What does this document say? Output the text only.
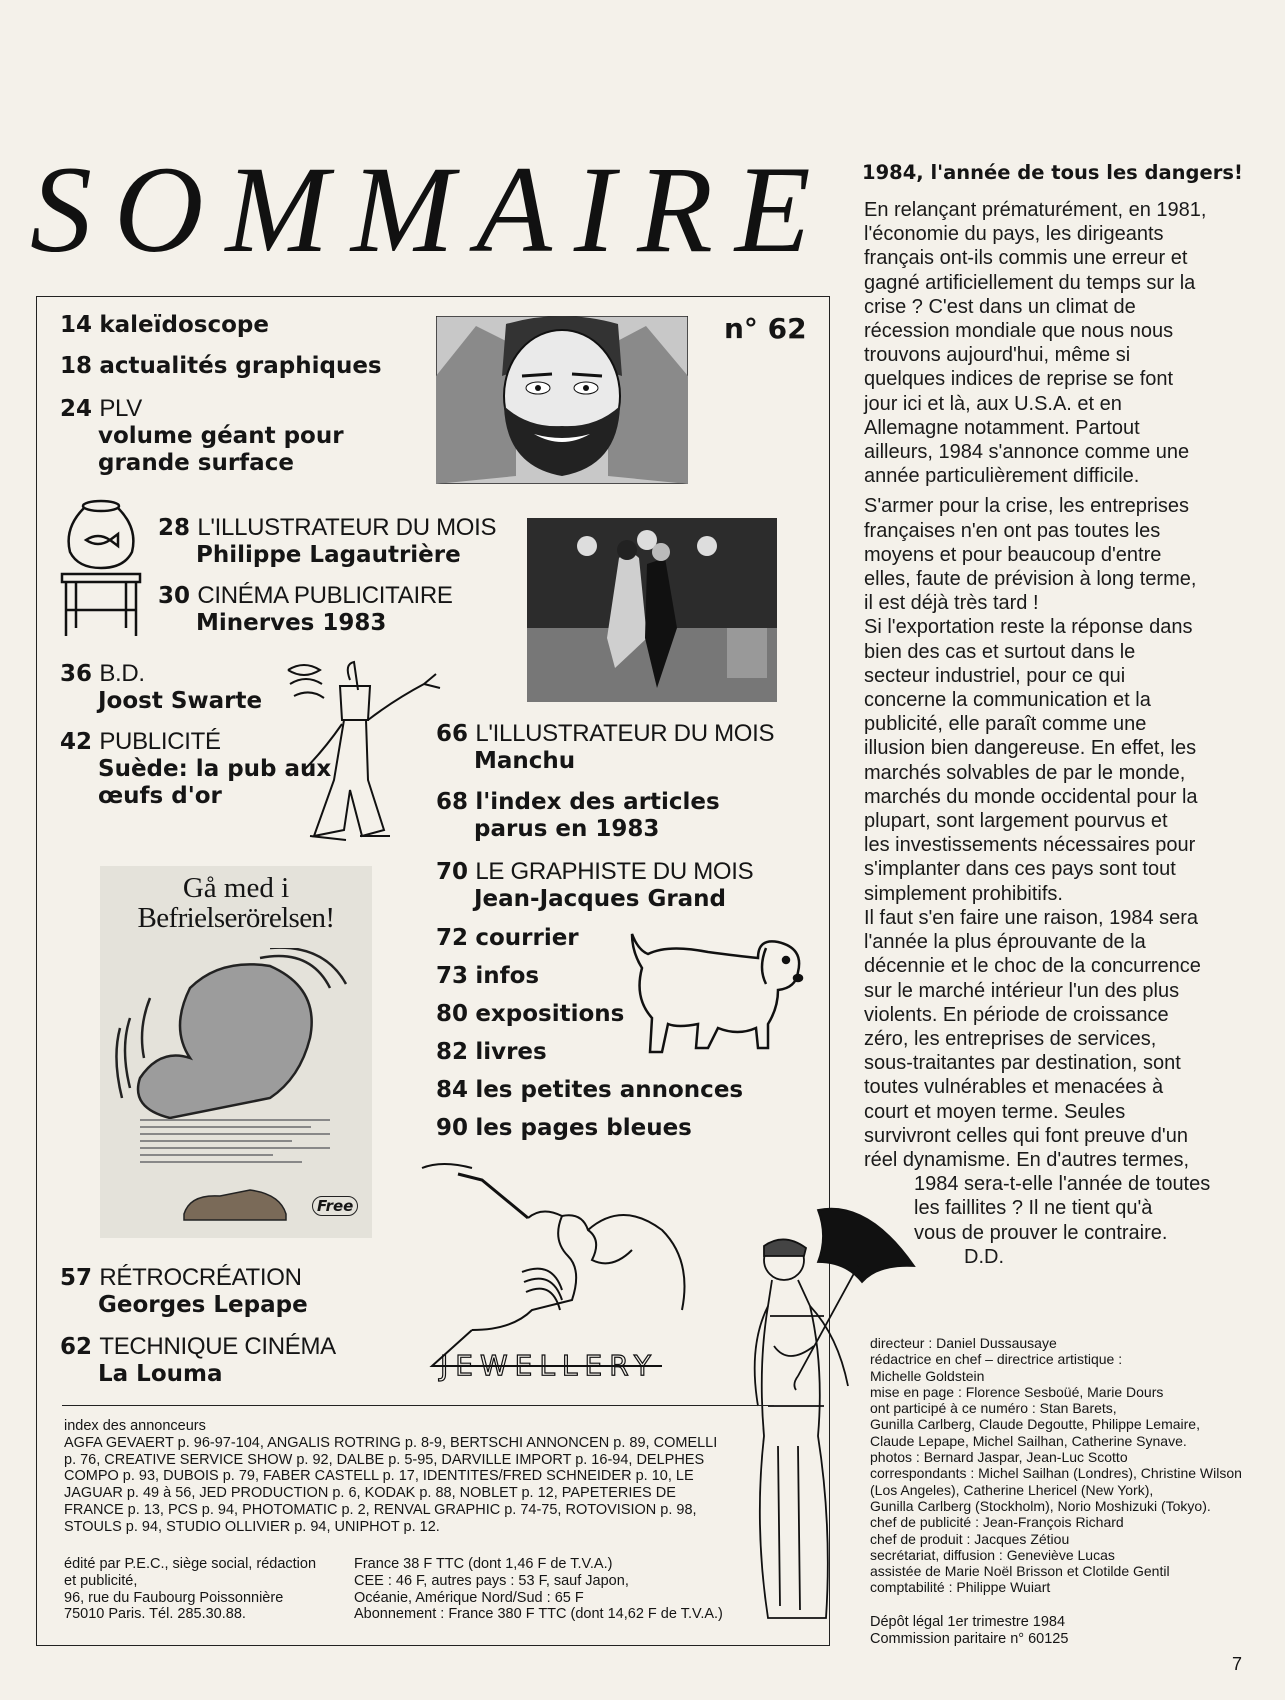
SOMMAIRE
n° 62
Gå med i
Befrielserörelsen!
Free
JEWELLERY
14 kaleïdoscope
18 actualités graphiques
24 PLV
volume géant pour
grande surface
28 L'ILLUSTRATEUR DU MOIS
Philippe Lagautrière
30 CINÉMA PUBLICITAIRE
Minerves 1983
36 B.D.
Joost Swarte
42 PUBLICITÉ
Suède: la pub aux
œufs d'or
66 L'ILLUSTRATEUR DU MOIS
Manchu
68 l'index des articles
parus en 1983
70 LE GRAPHISTE DU MOIS
Jean-Jacques Grand
72 courrier
73 infos
80 expositions
82 livres
84 les petites annonces
90 les pages bleues
57 RÉTROCRÉATION
Georges Lepape
62 TECHNIQUE CINÉMA
La Louma
index des annonceurs
AGFA GEVAERT p. 96-97-104, ANGALIS ROTRING p. 8-9, BERTSCHI ANNONCEN p. 89, COMELLI
p. 76, CREATIVE SERVICE SHOW p. 92, DALBE p. 5-95, DARVILLE IMPORT p. 16-94, DELPHES
COMPO p. 93, DUBOIS p. 79, FABER CASTELL p. 17, IDENTITES/FRED SCHNEIDER p. 10, LE
JAGUAR p. 49 à 56, JED PRODUCTION p. 6, KODAK p. 88, NOBLET p. 12, PAPETERIES DE
FRANCE p. 13, PCS p. 94, PHOTOMATIC p. 2, RENVAL GRAPHIC p. 74-75, ROTOVISION p. 98,
STOULS p. 94, STUDIO OLLIVIER p. 94, UNIPHOT p. 12.
édité par P.E.C., siège social, rédaction
et publicité,
96, rue du Faubourg Poissonnière
75010 Paris. Tél. 285.30.88.
France 38 F TTC (dont 1,46 F de T.V.A.)
CEE : 46 F, autres pays : 53 F, sauf Japon,
Océanie, Amérique Nord/Sud : 65 F
Abonnement : France 380 F TTC (dont 14,62 F de T.V.A.)
1984, l'année de tous les dangers!

En relançant prématurément, en 1981,
l'économie du pays, les dirigeants
français ont-ils commis une erreur et
gagné artificiellement du temps sur la
crise ? C'est dans un climat de
récession mondiale que nous nous
trouvons aujourd'hui, même si
quelques indices de reprise se font
jour ici et là, aux U.S.A. et en
Allemagne notamment. Partout
ailleurs, 1984 s'annonce comme une
année particulièrement difficile.

S'armer pour la crise, les entreprises
françaises n'en ont pas toutes les
moyens et pour beaucoup d'entre
elles, faute de prévision à long terme,
il est déjà très tard !
Si l'exportation reste la réponse dans
bien des cas et surtout dans le
secteur industriel, pour ce qui
concerne la communication et la
publicité, elle paraît comme une
illusion bien dangereuse. En effet, les
marchés solvables de par le monde,
marchés du monde occidental pour la
plupart, sont largement pourvus et
les investissements nécessaires pour
s'implanter dans ces pays sont tout
simplement prohibitifs.
Il faut s'en faire une raison, 1984 sera
l'année la plus éprouvante de la
décennie et le choc de la concurrence
sur le marché intérieur l'un des plus
violents. En période de croissance
zéro, les entreprises de services,
sous-traitantes par destination, sont
toutes vulnérables et menacées à
court et moyen terme. Seules
survivront celles qui font preuve d'un
réel dynamisme. En d'autres termes,

1984 sera-t-elle l'année de toutes
les faillites ? Il ne tient qu'à
vous de prouver le contraire.

D.D.

directeur : Daniel Dussausaye
rédactrice en chef – directrice artistique :
Michelle Goldstein
mise en page : Florence Sesboüé, Marie Dours
ont participé à ce numéro : Stan Barets,
Gunilla Carlberg, Claude Degoutte, Philippe Lemaire,
Claude Lepape, Michel Sailhan, Catherine Synave.
photos : Bernard Jaspar, Jean-Luc Scotto
correspondants : Michel Sailhan (Londres), Christine Wilson
(Los Angeles), Catherine Lhericel (New York),
Gunilla Carlberg (Stockholm), Norio Moshizuki (Tokyo).
chef de publicité : Jean-François Richard
chef de produit : Jacques Zétiou
secrétariat, diffusion : Geneviève Lucas
assistée de Marie Noël Brisson et Clotilde Gentil
comptabilité : Philippe Wuiart
Dépôt légal 1er trimestre 1984
Commission paritaire n° 60125
7
